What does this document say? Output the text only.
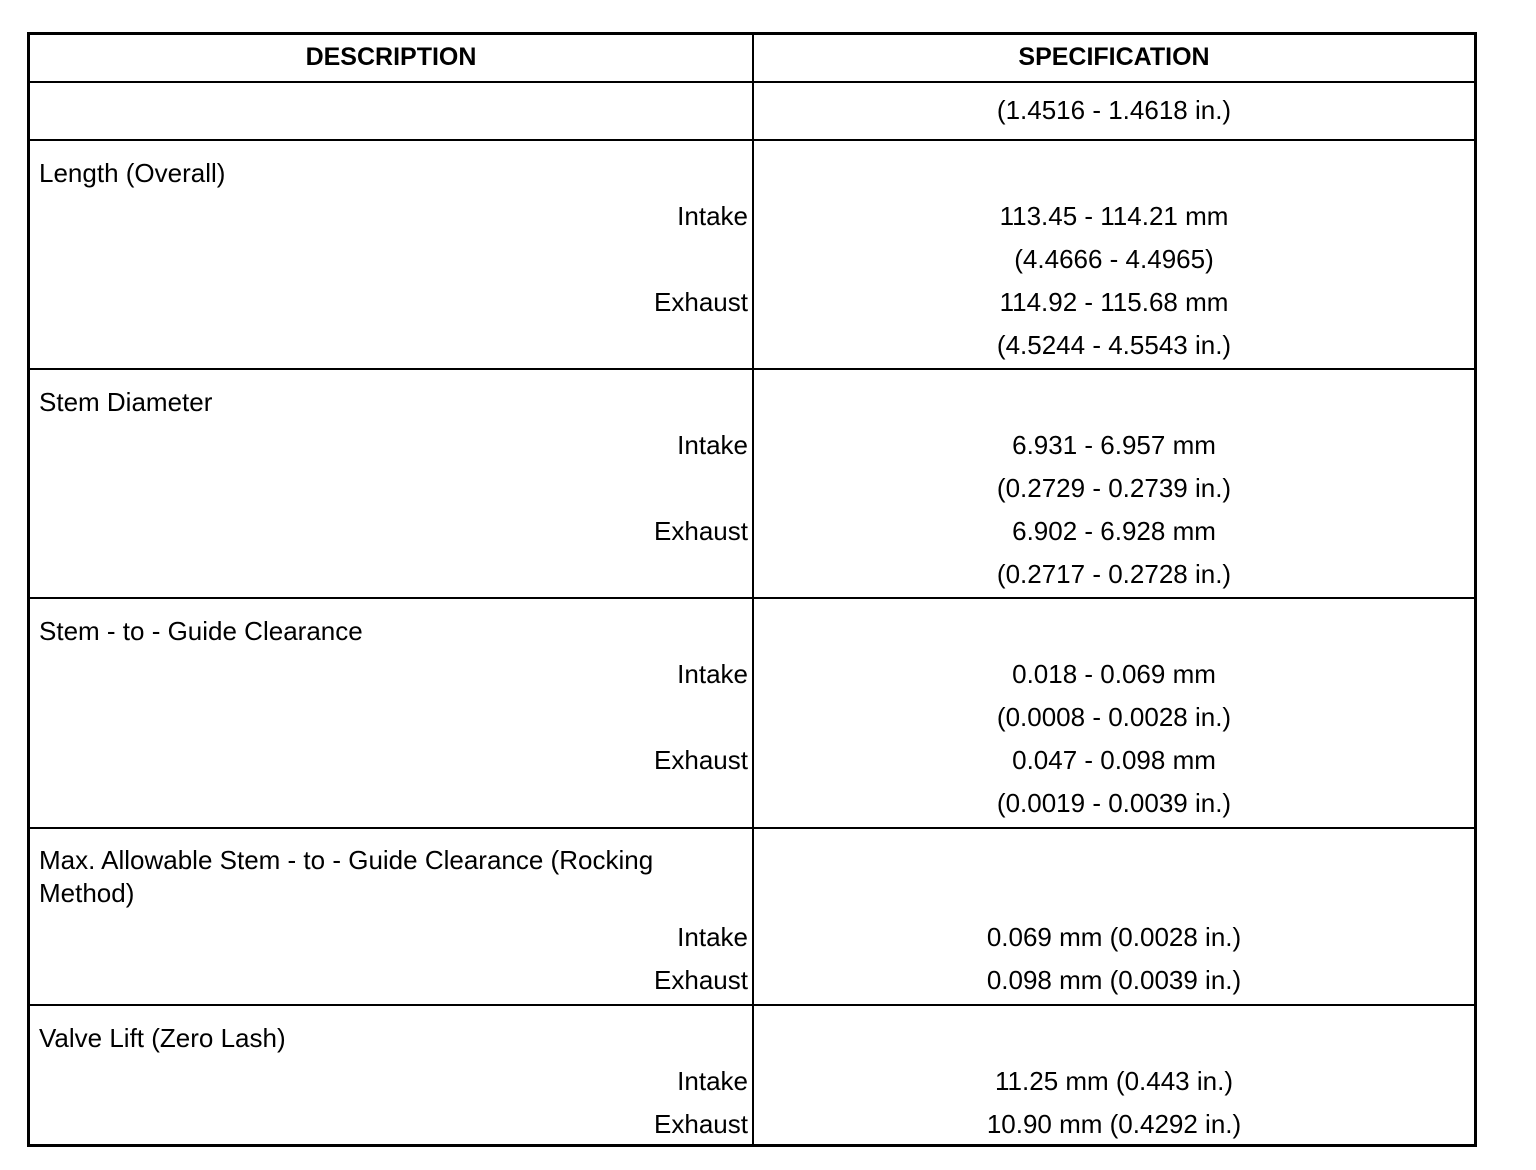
DESCRIPTION	SPECIFICATION
(1.4516 - 1.4618 in.)
Length (Overall)
Intake	113.45 - 114.21 mm
(4.4666 - 4.4965)
Exhaust	114.92 - 115.68 mm
(4.5244 - 4.5543 in.)
Stem Diameter
Intake	6.931 - 6.957 mm
(0.2729 - 0.2739 in.)
Exhaust	6.902 - 6.928 mm
(0.2717 - 0.2728 in.)
Stem - to - Guide Clearance
Intake	0.018 - 0.069 mm
(0.0008 - 0.0028 in.)
Exhaust	0.047 - 0.098 mm
(0.0019 - 0.0039 in.)
Max. Allowable Stem - to - Guide Clearance (Rocking Method)
Intake	0.069 mm (0.0028 in.)
Exhaust	0.098 mm (0.0039 in.)
Valve Lift (Zero Lash)
Intake	11.25 mm (0.443 in.)
Exhaust	10.90 mm (0.4292 in.)
